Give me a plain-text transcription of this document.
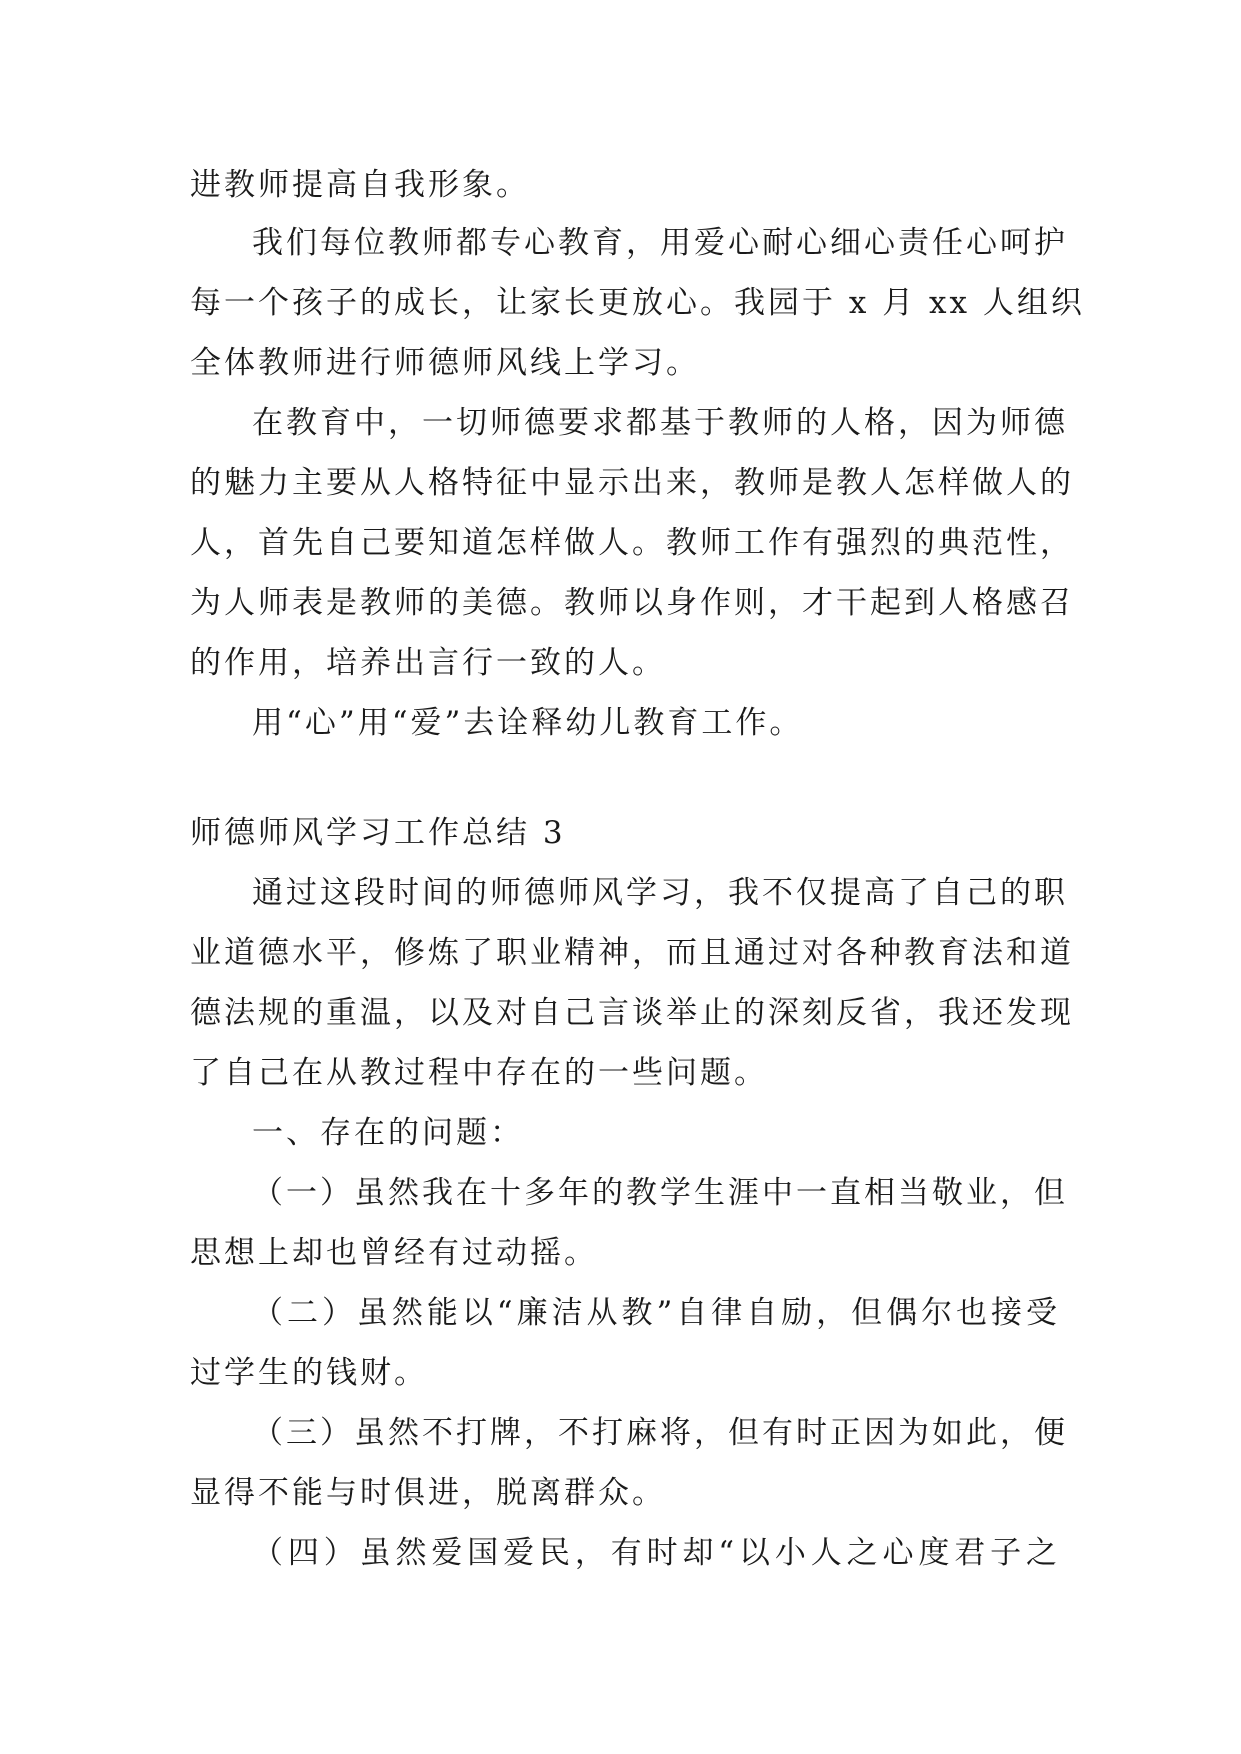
进教师提高自我形象。
我们每位教师都专心教育，用爱心耐心细心责任心呵护
每一个孩子的成长，让家长更放心。我园于 x 月 xx 人组织
全体教师进行师德师风线上学习。
在教育中，一切师德要求都基于教师的人格，因为师德
的魅力主要从人格特征中显示出来，教师是教人怎样做人的
人，首先自己要知道怎样做人。教师工作有强烈的典范性，
为人师表是教师的美德。教师以身作则，才干起到人格感召
的作用，培养出言行一致的人。
用“心”用“爱”去诠释幼儿教育工作。
师德师风学习工作总结 3
通过这段时间的师德师风学习，我不仅提高了自己的职
业道德水平，修炼了职业精神，而且通过对各种教育法和道
德法规的重温，以及对自己言谈举止的深刻反省，我还发现
了自己在从教过程中存在的一些问题。
一、存在的问题：
（一）虽然我在十多年的教学生涯中一直相当敬业，但
思想上却也曾经有过动摇。
（二）虽然能以“廉洁从教”自律自励，但偶尔也接受
过学生的钱财。
（三）虽然不打牌，不打麻将，但有时正因为如此，便
显得不能与时俱进，脱离群众。
（四）虽然爱国爱民，有时却“以小人之心度君子之
